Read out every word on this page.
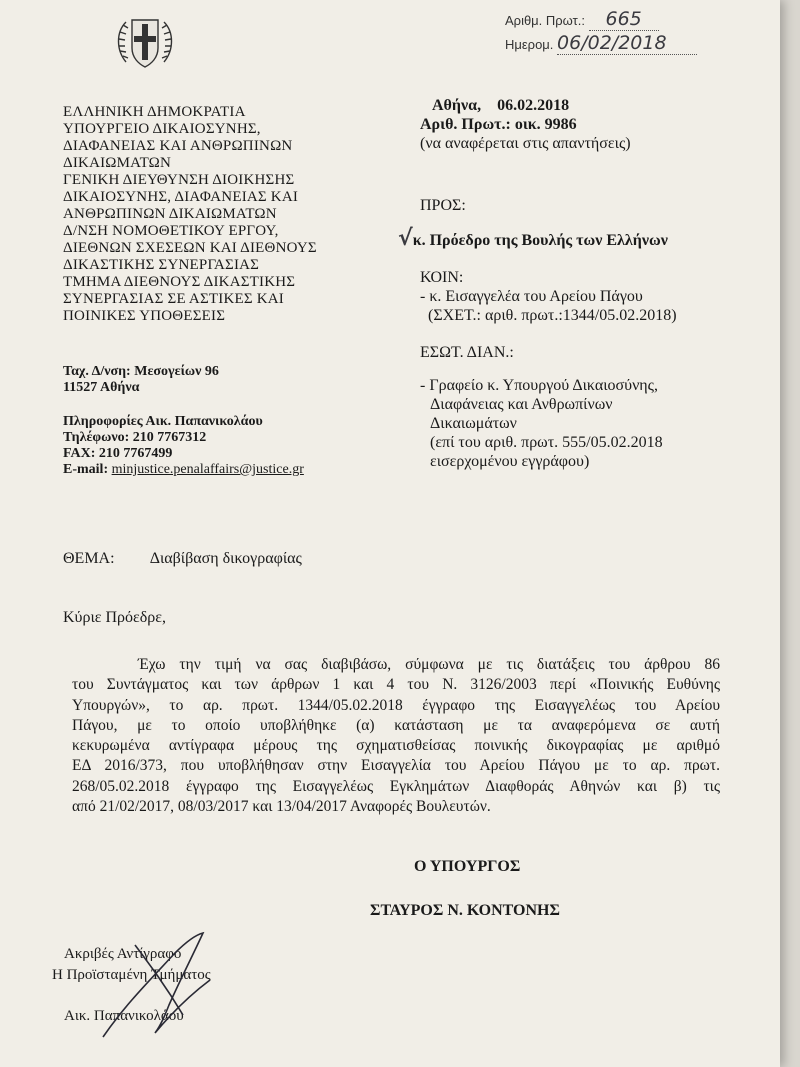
Αριθμ. Πρωτ.: 665
Ημερομ. 06/02/2018
ΕΛΛΗΝΙΚΗ ΔΗΜΟΚΡΑΤΙΑ
ΥΠΟΥΡΓΕΙΟ ΔΙΚΑΙΟΣΥΝΗΣ,
ΔΙΑΦΑΝΕΙΑΣ ΚΑΙ ΑΝΘΡΩΠΙΝΩΝ
ΔΙΚΑΙΩΜΑΤΩΝ
ΓΕΝΙΚΗ ΔΙΕΥΘΥΝΣΗ ΔΙΟΙΚΗΣΗΣ
ΔΙΚΑΙΟΣΥΝΗΣ, ΔΙΑΦΑΝΕΙΑΣ ΚΑΙ
ΑΝΘΡΩΠΙΝΩΝ ΔΙΚΑΙΩΜΑΤΩΝ
Δ/ΝΣΗ ΝΟΜΟΘΕΤΙΚΟΥ ΕΡΓΟΥ,
ΔΙΕΘΝΩΝ ΣΧΕΣΕΩΝ ΚΑΙ ΔΙΕΘΝΟΥΣ
ΔΙΚΑΣΤΙΚΗΣ ΣΥΝΕΡΓΑΣΙΑΣ
ΤΜΗΜΑ ΔΙΕΘΝΟΥΣ ΔΙΚΑΣΤΙΚΗΣ
ΣΥΝΕΡΓΑΣΙΑΣ ΣΕ ΑΣΤΙΚΕΣ ΚΑΙ
ΠΟΙΝΙΚΕΣ ΥΠΟΘΕΣΕΙΣ
Ταχ. Δ/νση: Μεσογείων 96
11527 Αθήνα
Πληροφορίες Αικ. Παπανικολάου
Τηλέφωνο: 210 7767312
FAX: 210 7767499
E-mail: minjustice.penalaffairs@justice.gr
Αθήνα,    06.02.2018
Αριθ. Πρωτ.: οικ. 9986
(να αναφέρεται στις απαντήσεις)
ΠΡΟΣ:
√κ. Πρόεδρο της Βουλής των Ελλήνων
ΚΟΙΝ:
- κ. Εισαγγελέα του Αρείου Πάγου
(ΣΧΕΤ.: αριθ. πρωτ.:1344/05.02.2018)
ΕΣΩΤ. ΔΙΑΝ.:
- Γραφείο κ. Υπουργού Δικαιοσύνης,
Διαφάνειας και Ανθρωπίνων
Δικαιωμάτων
(επί του αριθ. πρωτ. 555/05.02.2018
εισερχομένου εγγράφου)
ΘΕΜΑ: Διαβίβαση δικογραφίας
Κύριε Πρόεδρε,
Έχω την τιμή να σας διαβιβάσω, σύμφωνα με τις διατάξεις του άρθρου 86
του Συντάγματος και των άρθρων 1 και 4 του Ν. 3126/2003 περί «Ποινικής Ευθύνης
Υπουργών», το αρ. πρωτ. 1344/05.02.2018 έγγραφο της Εισαγγελέως του Αρείου
Πάγου, με το οποίο υποβλήθηκε (α) κατάσταση με τα αναφερόμενα σε αυτή
κεκυρωμένα αντίγραφα μέρους της σχηματισθείσας ποινικής δικογραφίας με αριθμό
ΕΔ 2016/373, που υποβλήθησαν στην Εισαγγελία του Αρείου Πάγου με το αρ. πρωτ.
268/05.02.2018 έγγραφο της Εισαγγελέως Εγκλημάτων Διαφθοράς Αθηνών και β) τις
από 21/02/2017, 08/03/2017 και 13/04/2017 Αναφορές Βουλευτών.
Ο ΥΠΟΥΡΓΟΣ
ΣΤΑΥΡΟΣ Ν. ΚΟΝΤΟΝΗΣ
Ακριβές Αντίγραφο
Η Προϊσταμένη Τμήματος
Αικ. Παπανικολάου
